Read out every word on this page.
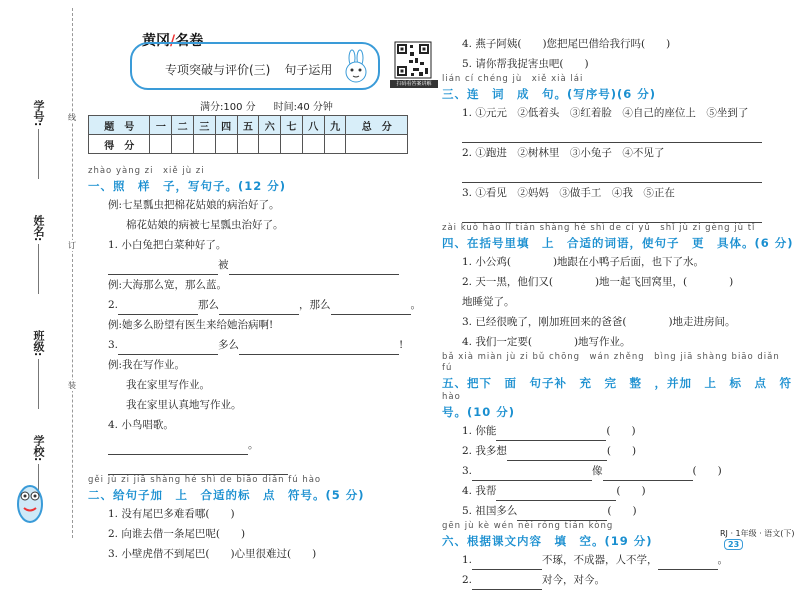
学号:
姓名:
班级:
学校:
线
订
装
黄冈/名卷
专项突破与评价(三) 句子运用
扫码看答案讲解
满分:100 分 时间:40 分钟
题　号	一	二	三	四	五	六	七	八	九	总　分
得　分										
zhào yàng zi　xiě jù zi
一、照　样　子，写句子。(12 分)
例:七星瓢虫把棉花姑娘的病治好了。
棉花姑娘的病被七星瓢虫治好了。
1. 小白兔把白菜种好了。
被
例:大海那么宽，那么蓝。
2.	那么	，那么	。
例:她多么盼望有医生来给她治病啊!
3.	多么	!
例:我在写作业。
我在家里写作业。
我在家里认真地写作业。
4. 小鸟唱歌。
。
gěi jù zi jiā shàng hé shì de biāo diǎn fú hào
二、给句子加　上　合适的标　点　符号。(5 分)
1. 没有尾巴多难看哪(　　)
2. 向谁去借一条尾巴呢(　　)
3. 小壁虎借不到尾巴(　　)心里很难过(　　)
4. 燕子阿姨(　　)您把尾巴借给我行吗(　　)
5. 请你帮我捉害虫吧(　　)
lián cí chéng jù　xiě xià lái
三、连　词　成　句。(写序号)(6 分)
1. ①元元　②低着头　③红着脸　④自己的座位上　⑤坐到了
2. ①跑进　②树林里　③小兔子　④不见了
3. ①看见　②妈妈　③做手工　④我　⑤正在
zài kuò hào lǐ tián shàng hé shì de cí yǔ　shǐ jù zi gèng jù tǐ
四、在括号里填　上　合适的词语，使句子　更　具体。(6 分)
1. 小公鸡(　　　　)地跟在小鸭子后面，也下了水。
2. 天一黑，他们又(　　　　)地一起飞回窝里，(　　　　)
地睡觉了。
3. 已经很晚了，刚加班回来的爸爸(　　　　)地走进房间。
4. 我们一定要(　　　　)地写作业。
bǎ xià miàn jù zi bǔ chōng　wán zhěng　bìng jiā shàng biāo diǎn fú
五、把下　面　句子补　充　完　整　，并加　上　标　点　符
hào
号。(10 分)
1. 你能	(　　)
2. 我多想	(　　)
3.	像	(　　)
4. 我帮	(　　)
5. 祖国多么	(　　)
gēn jù kè wén nèi róng tián kòng
六、根据课文内容　填　空。(19 分)
1.	不琢，不成器，人不学，	。
2.	对今，对今。
RJ · 1年级 · 语文(下)23
